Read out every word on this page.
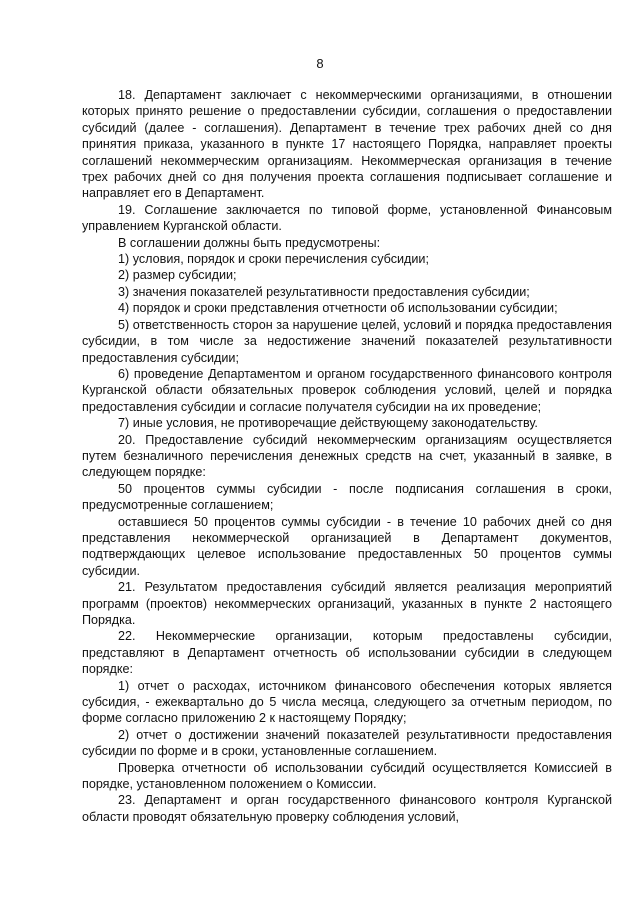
8

18. Департамент заключает с некоммерческими организациями, в отношении которых принято решение о предоставлении субсидии, соглашения о предоставлении субсидий (далее - соглашения). Департамент в течение трех рабочих дней со дня принятия приказа, указанного в пункте 17 настоящего Порядка, направляет проекты соглашений некоммерческим организациям. Некоммерческая организация в течение трех рабочих дней со дня получения проекта соглашения подписывает соглашение и направляет его в Департамент.

19. Соглашение заключается по типовой форме, установленной Финансовым управлением Курганской области.

В соглашении должны быть предусмотрены:

1) условия, порядок и сроки перечисления субсидии;

2) размер субсидии;

3) значения показателей результативности предоставления субсидии;

4) порядок и сроки представления отчетности об использовании субсидии;

5) ответственность сторон за нарушение целей, условий и порядка предоставления субсидии, в том числе за недостижение значений показателей результативности предоставления субсидии;

6) проведение Департаментом и органом государственного финансового контроля Курганской области обязательных проверок соблюдения условий, целей и порядка предоставления субсидии и согласие получателя субсидии на их проведение;

7) иные условия, не противоречащие действующему законодательству.

20. Предоставление субсидий некоммерческим организациям осуществляется путем безналичного перечисления денежных средств на счет, указанный в заявке, в следующем порядке:

50 процентов суммы субсидии - после подписания соглашения в сроки, предусмотренные соглашением;

оставшиеся 50 процентов суммы субсидии - в течение 10 рабочих дней со дня представления некоммерческой организацией в Департамент документов, подтверждающих целевое использование предоставленных 50 процентов суммы субсидии.

21. Результатом предоставления субсидий является реализация мероприятий программ (проектов) некоммерческих организаций, указанных в пункте 2 настоящего Порядка.

22. Некоммерческие организации, которым предоставлены субсидии, представляют в Департамент отчетность об использовании субсидии в следующем порядке:

1) отчет о расходах, источником финансового обеспечения которых является субсидия, - ежеквартально до 5 числа месяца, следующего за отчетным периодом, по форме согласно приложению 2 к настоящему Порядку;

2) отчет о достижении значений показателей результативности предоставления субсидии по форме и в сроки, установленные соглашением.

Проверка отчетности об использовании субсидий осуществляется Комиссией в порядке, установленном положением о Комиссии.

23. Департамент и орган государственного финансового контроля Курганской области проводят обязательную проверку соблюдения условий,
